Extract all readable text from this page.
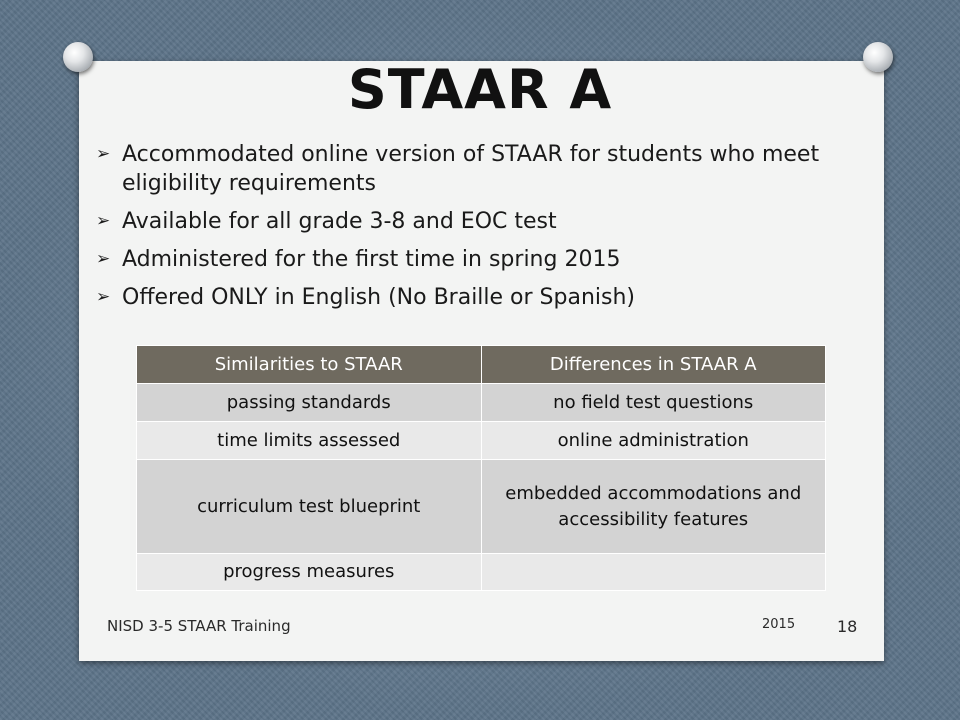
STAAR A
➢ Accommodated online version of STAAR for students who meet eligibility requirements
➢ Available for all grade 3-8 and EOC test
➢ Administered for the first time in spring 2015
➢ Offered ONLY in English (No Braille or Spanish)
Similarities to STAAR	Differences in STAAR A
passing standards	no field test questions
time limits assessed	online administration
curriculum test blueprint	embedded accommodations and accessibility features
progress measures	
NISD 3-5 STAAR Training	2015	18
